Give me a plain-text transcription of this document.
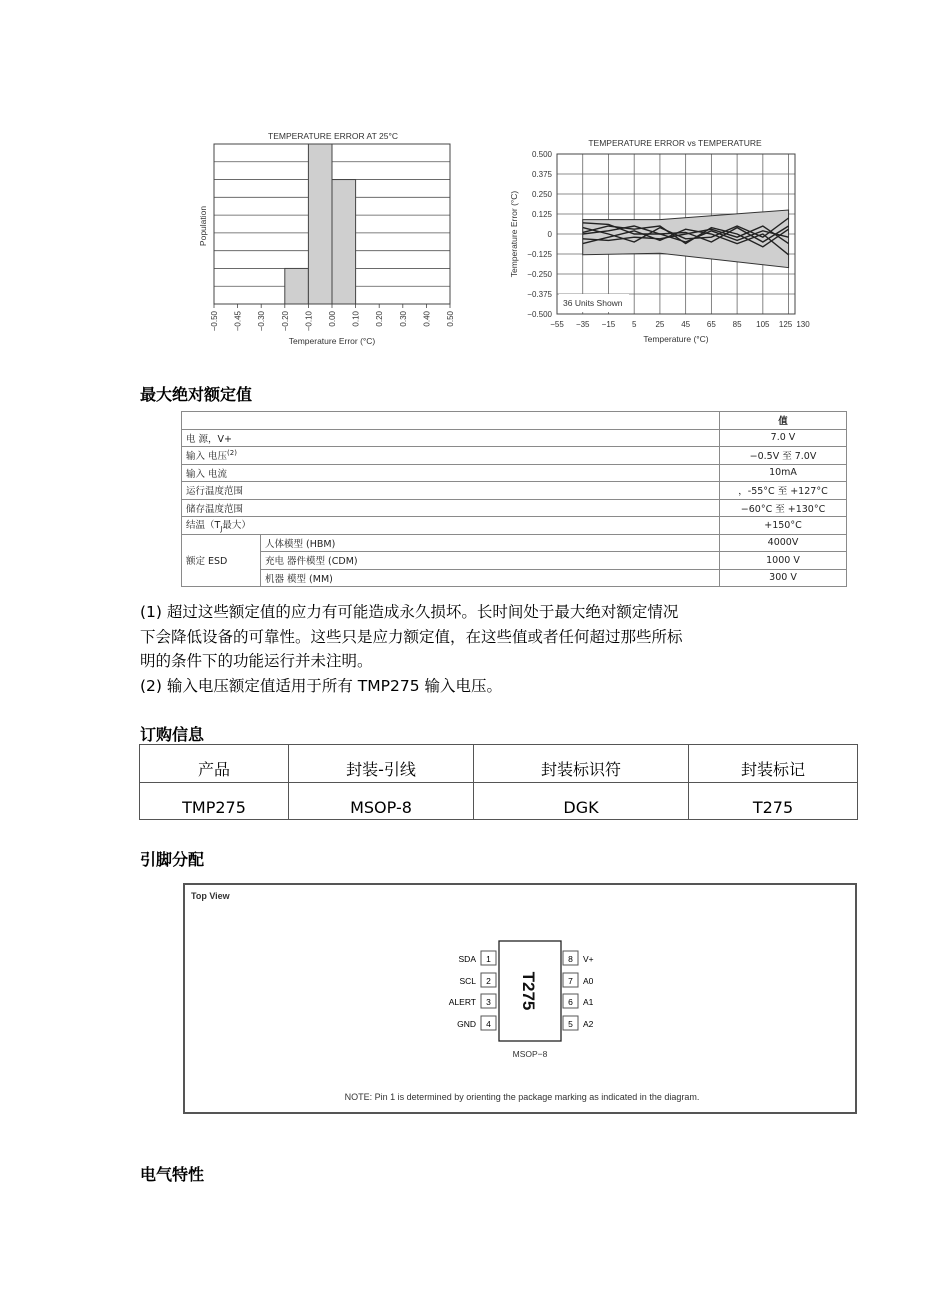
TEMPERATURE ERROR AT 25°C
−0.50 −0.45 −0.30 −0.20 −0.10 0.00 0.10 0.20 0.30 0.40 0.50
Population
Temperature Error (°C)
TEMPERATURE ERROR vs TEMPERATURE
0.500
0.375
0.250
0.125
0
−0.125
−0.250
−0.375
−0.500
−55 −35 −15 5 25 45 65 85 105 125 130
36 Units Shown
Temperature Error (°C)
Temperature (°C)
最大绝对额定值
		值
电 源，V+		7.0 V
输入 电压$^{(2)}$		−0.5V 至 7.0V
输入 电流		10mA
运行温度范围		，-55°C 至 +127°C
储存温度范围		−60°C 至 +130°C
结温（$T_J$最大）		+150°C
额定 ESD	人体模型 (HBM)	4000V
	充电 器件模型 (CDM)	1000 V
	机器 模型 (MM)	300 V
(1) 超过这些额定值的应力有可能造成永久损坏。长时间处于最大绝对额定情况
下会降低设备的可靠性。这些只是应力额定值，在这些值或者任何超过那些所标
明的条件下的功能运行并未注明。
(2) 输入电压额定值适用于所有 TMP275 输入电压。
订购信息
产品	封装-引线	封装标识符	封装标记
TMP275	MSOP-8	DGK	T275
引脚分配
Top View
T275
1
SDA
2
SCL
3
ALERT
4
GND
8 V+
7 A0
6 A1
5 A2
MSOP−8
NOTE: Pin 1 is determined by orienting the package marking as indicated in the diagram.
电气特性
